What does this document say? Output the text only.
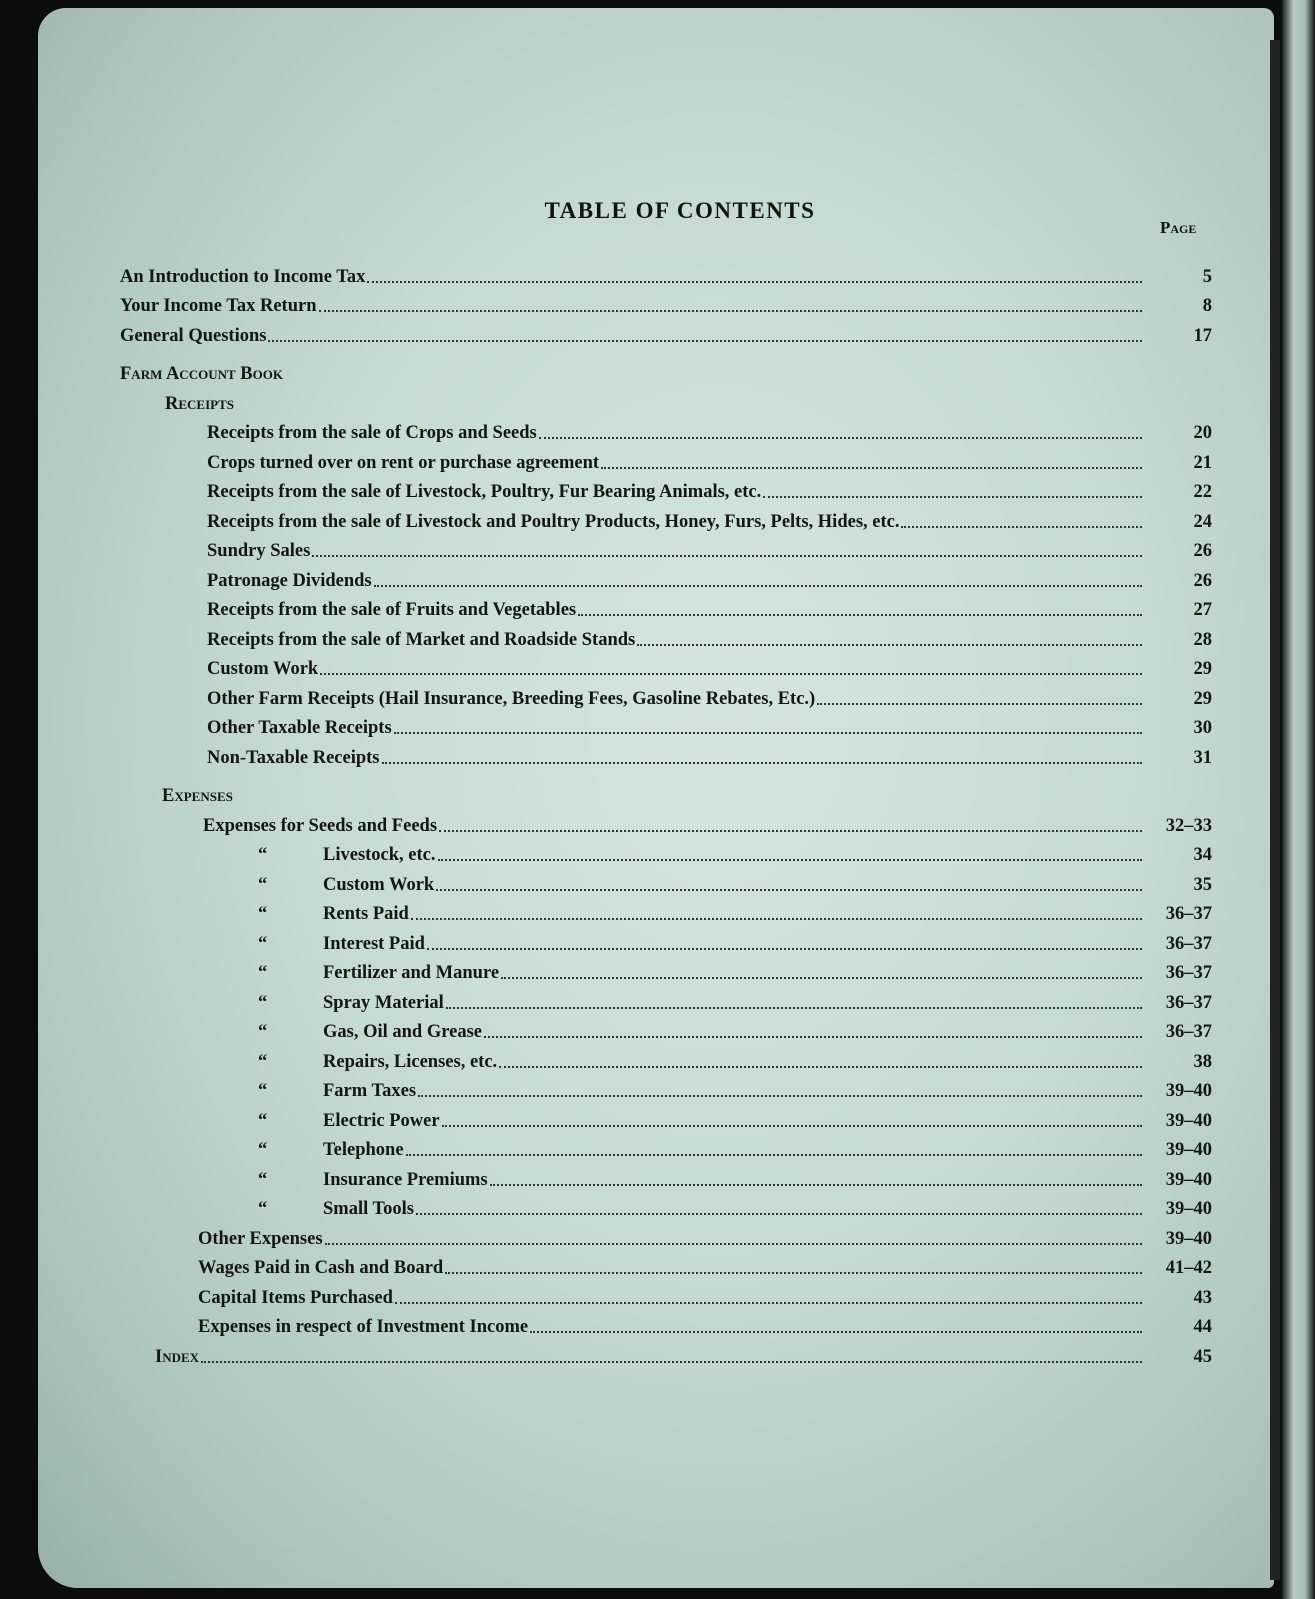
TABLE OF CONTENTS
Page
An Introduction to Income Tax	5
Your Income Tax Return	8
General Questions	17
Farm Account Book
Receipts
Receipts from the sale of Crops and Seeds	20
Crops turned over on rent or purchase agreement	21
Receipts from the sale of Livestock, Poultry, Fur Bearing Animals, etc.	22
Receipts from the sale of Livestock and Poultry Products, Honey, Furs, Pelts, Hides, etc.	24
Sundry Sales	26
Patronage Dividends	26
Receipts from the sale of Fruits and Vegetables	27
Receipts from the sale of Market and Roadside Stands	28
Custom Work	29
Other Farm Receipts (Hail Insurance, Breeding Fees, Gasoline Rebates, Etc.)	29
Other Taxable Receipts	30
Non-Taxable Receipts	31
Expenses
Expenses for Seeds and Feeds	32–33
“	Livestock, etc.	34
“	Custom Work	35
“	Rents Paid	36–37
“	Interest Paid	36–37
“	Fertilizer and Manure	36–37
“	Spray Material	36–37
“	Gas, Oil and Grease	36–37
“	Repairs, Licenses, etc.	38
“	Farm Taxes	39–40
“	Electric Power	39–40
“	Telephone	39–40
“	Insurance Premiums	39–40
“	Small Tools	39–40
Other Expenses	39–40
Wages Paid in Cash and Board	41–42
Capital Items Purchased	43
Expenses in respect of Investment Income	44
Index	45
